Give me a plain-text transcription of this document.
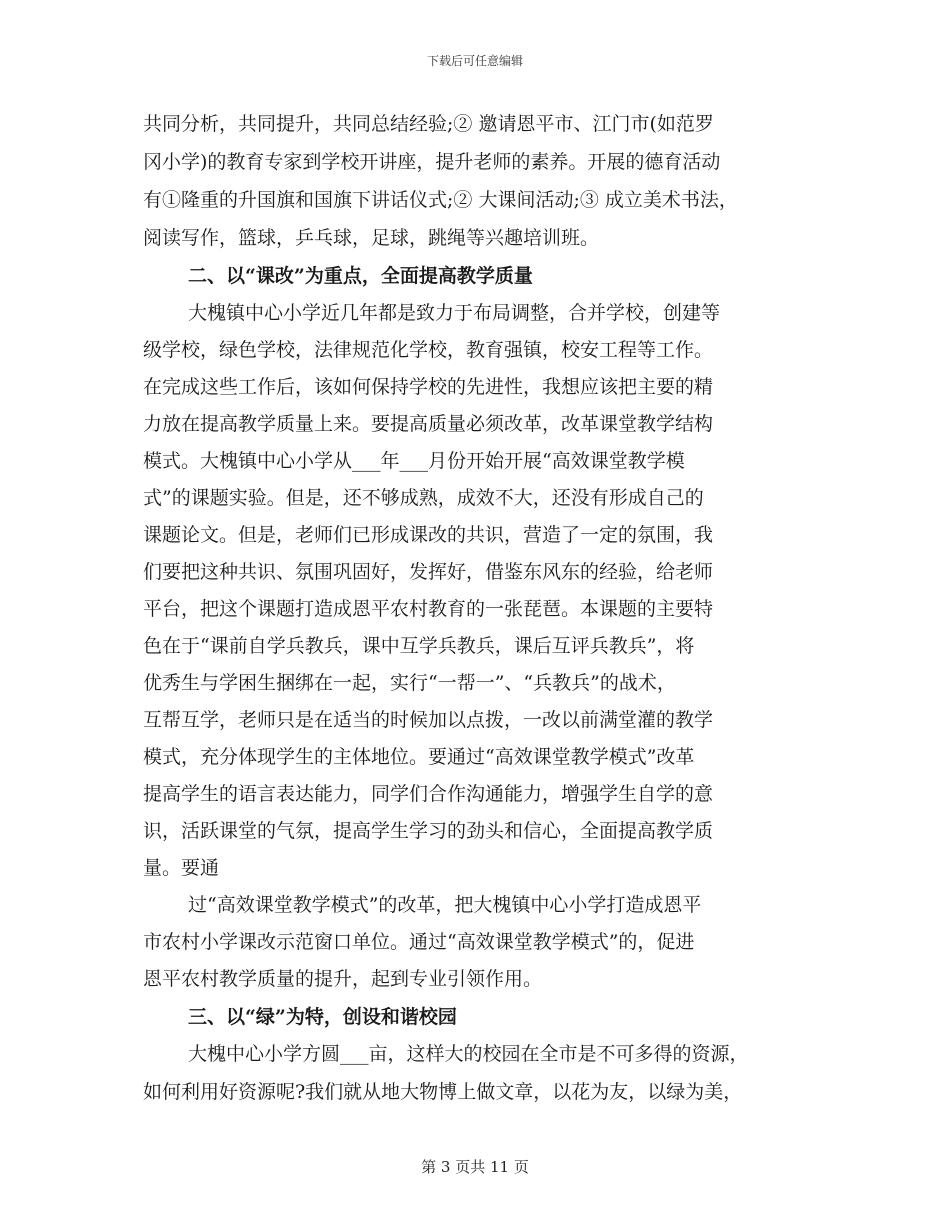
下载后可任意编辑
共同分析，共同提升，共同总结经验;② 邀请恩平市、江门市(如范罗
冈小学)的教育专家到学校开讲座，提升老师的素养。开展的德育活动
有①隆重的升国旗和国旗下讲话仪式;② 大课间活动;③ 成立美术书法，
阅读写作，篮球，乒乓球，足球，跳绳等兴趣培训班。
二、以“课改”为重点，全面提高教学质量
大槐镇中心小学近几年都是致力于布局调整，合并学校，创建等
级学校，绿色学校，法律规范化学校，教育强镇，校安工程等工作。
在完成这些工作后，该如何保持学校的先进性，我想应该把主要的精
力放在提高教学质量上来。要提高质量必须改革，改革课堂教学结构
模式。大槐镇中心小学从___年___月份开始开展“高效课堂教学模
式”的课题实验。但是，还不够成熟，成效不大，还没有形成自己的
课题论文。但是，老师们已形成课改的共识，营造了一定的氛围，我
们要把这种共识、氛围巩固好，发挥好，借鉴东风东的经验，给老师
平台，把这个课题打造成恩平农村教育的一张琵琶。本课题的主要特
色在于“课前自学兵教兵，课中互学兵教兵，课后互评兵教兵”，将
优秀生与学困生捆绑在一起，实行“一帮一”、“兵教兵”的战术，
互帮互学，老师只是在适当的时候加以点拨，一改以前满堂灌的教学
模式，充分体现学生的主体地位。要通过“高效课堂教学模式”改革
提高学生的语言表达能力，同学们合作沟通能力，增强学生自学的意
识，活跃课堂的气氛，提高学生学习的劲头和信心，全面提高教学质
量。要通
过“高效课堂教学模式”的改革，把大槐镇中心小学打造成恩平
市农村小学课改示范窗口单位。通过“高效课堂教学模式”的，促进
恩平农村教学质量的提升，起到专业引领作用。
三、以“绿”为特，创设和谐校园
大槐中心小学方圆___亩，这样大的校园在全市是不可多得的资源，
如何利用好资源呢?我们就从地大物博上做文章，以花为友，以绿为美，
第 3 页共 11 页
